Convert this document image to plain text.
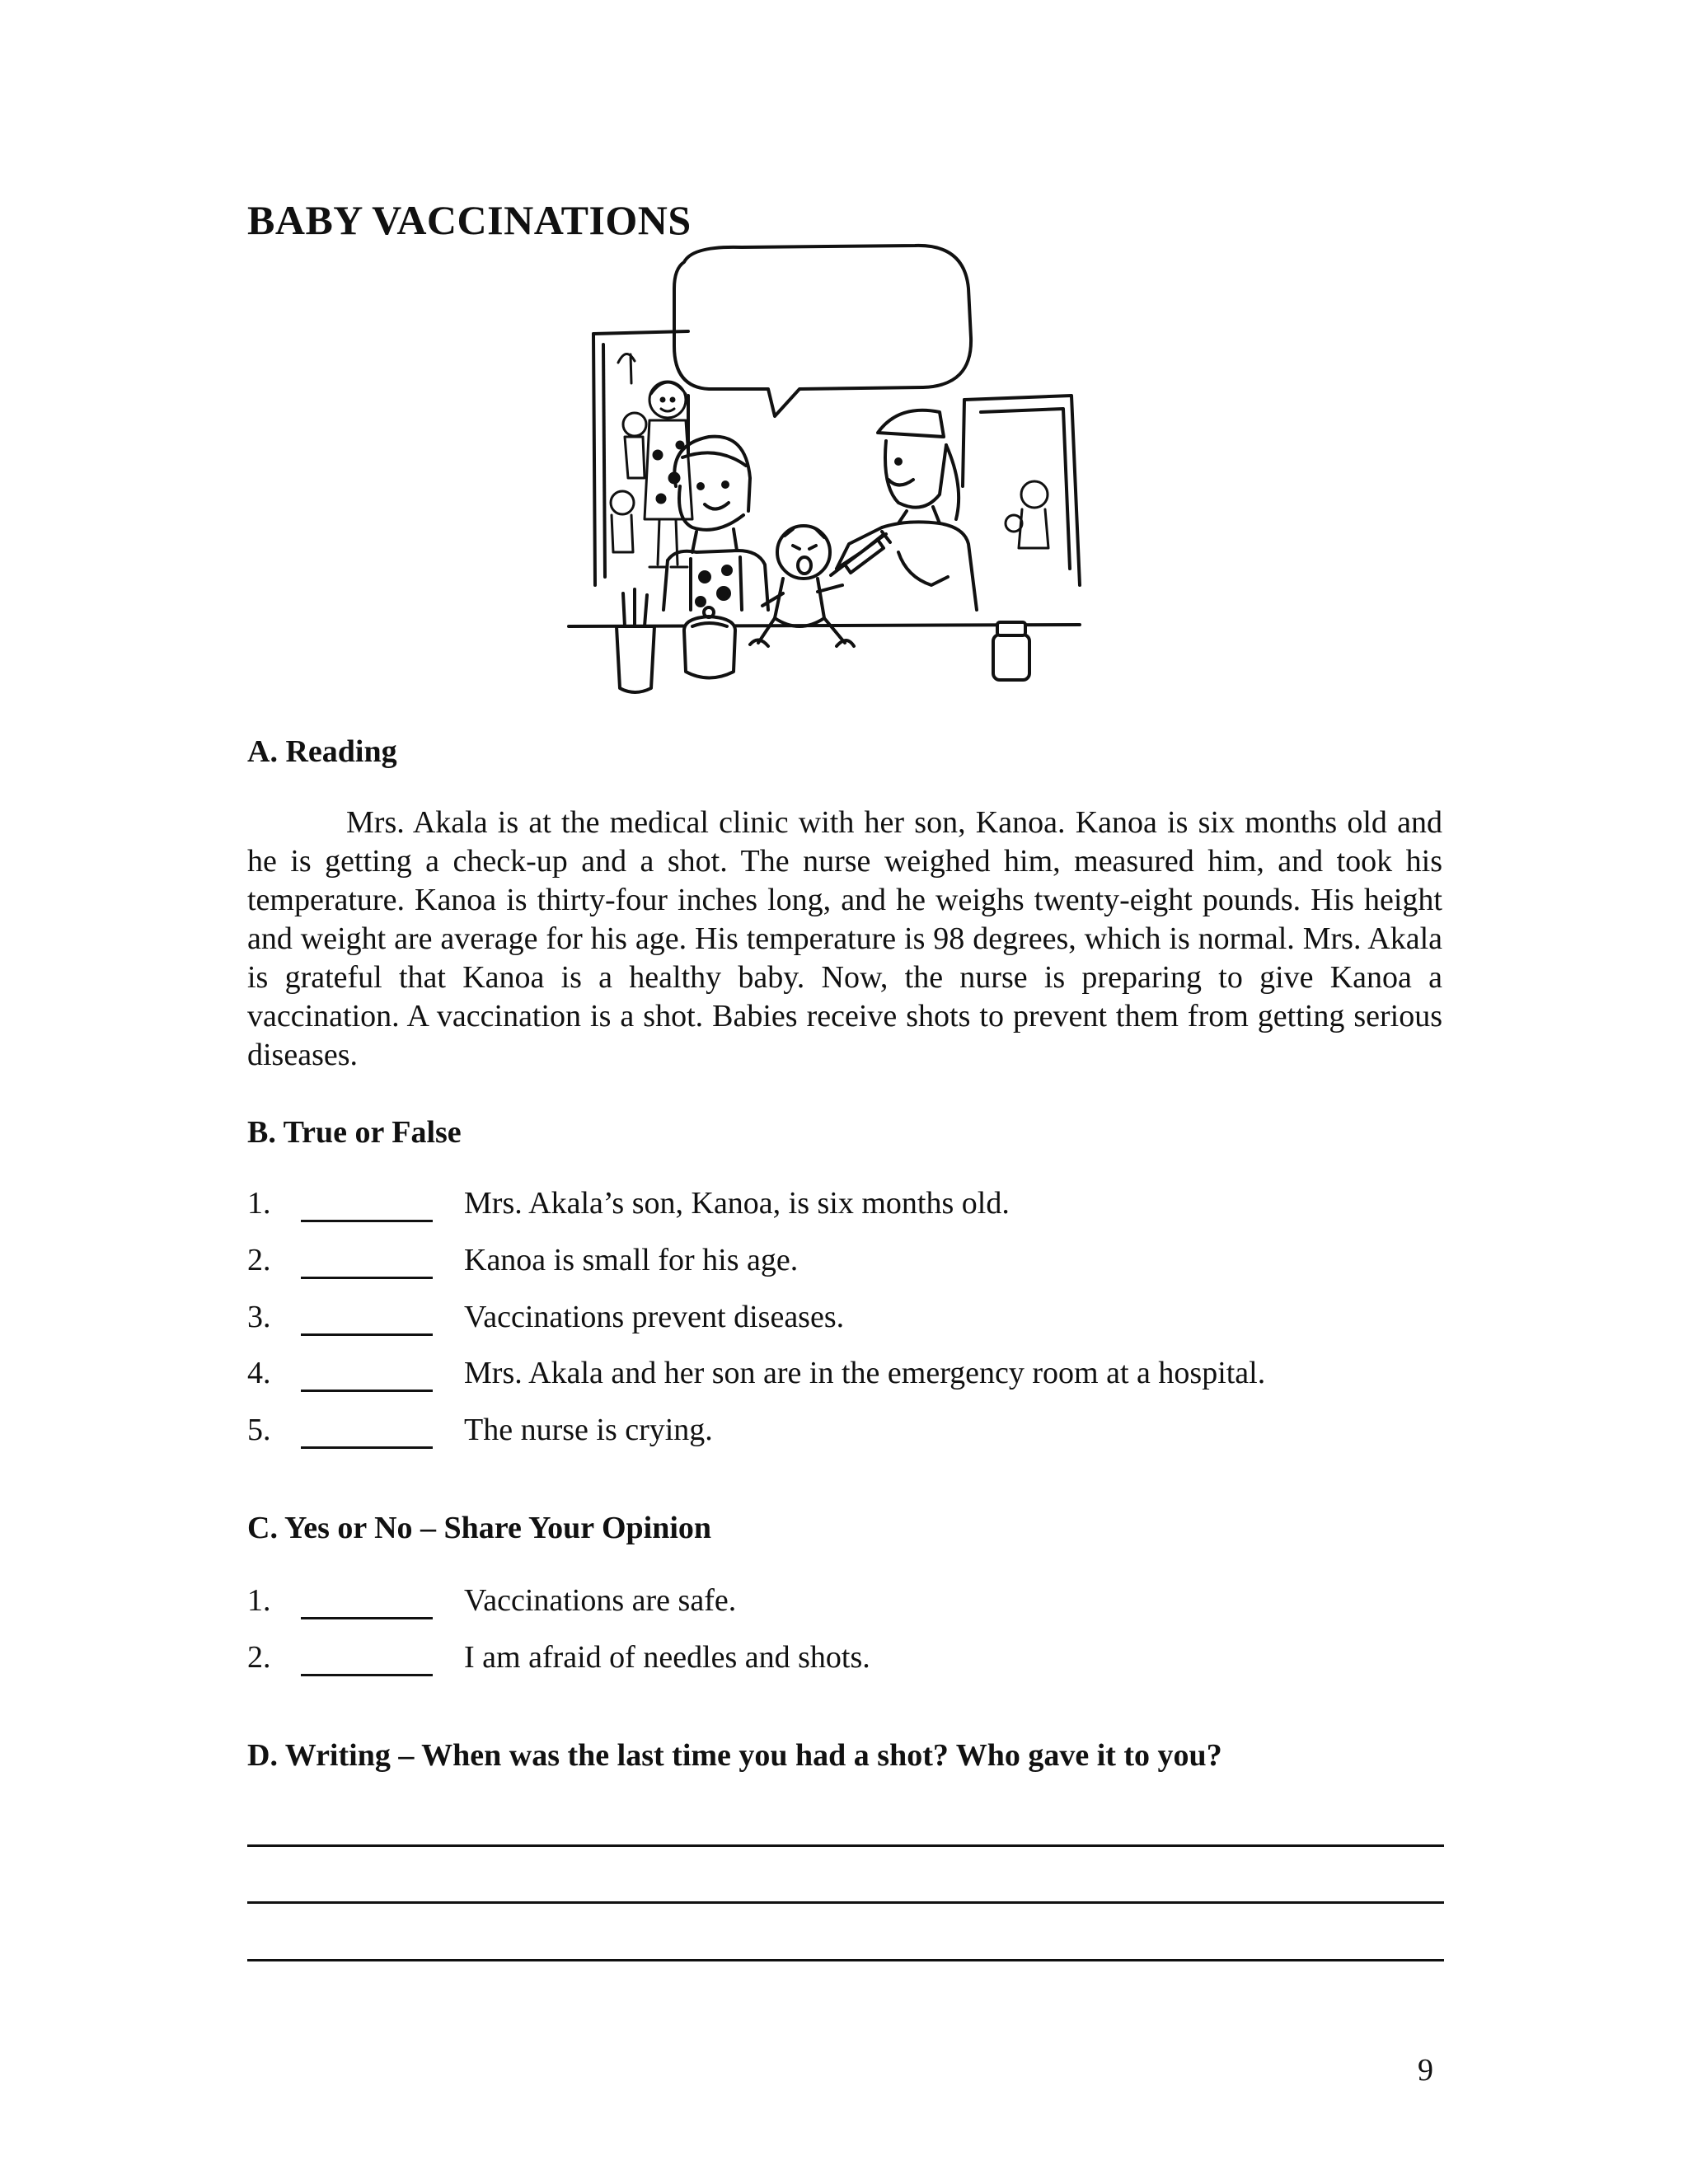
BABY VACCINATIONS
A. Reading

Mrs. Akala is at the medical clinic with her son, Kanoa. Kanoa is six months old and he is getting a check-up and a shot. The nurse weighed him, measured him, and took his temperature. Kanoa is thirty-four inches long, and he weighs twenty-eight pounds. His height and weight are average for his age. His temperature is 98 degrees, which is normal. Mrs. Akala is grateful that Kanoa is a healthy baby. Now, the nurse is preparing to give Kanoa a vaccination. A vaccination is a shot. Babies receive shots to prevent them from getting serious diseases.

B. True or False
1.	Mrs. Akala’s son, Kanoa, is six months old.
2.	Kanoa is small for his age.
3.	Vaccinations prevent diseases.
4.	Mrs. Akala and her son are in the emergency room at a hospital.
5.	The nurse is crying.
C. Yes or No – Share Your Opinion
1.	Vaccinations are safe.
2.	I am afraid of needles and shots.
D. Writing – When was the last time you had a shot? Who gave it to you?
9
